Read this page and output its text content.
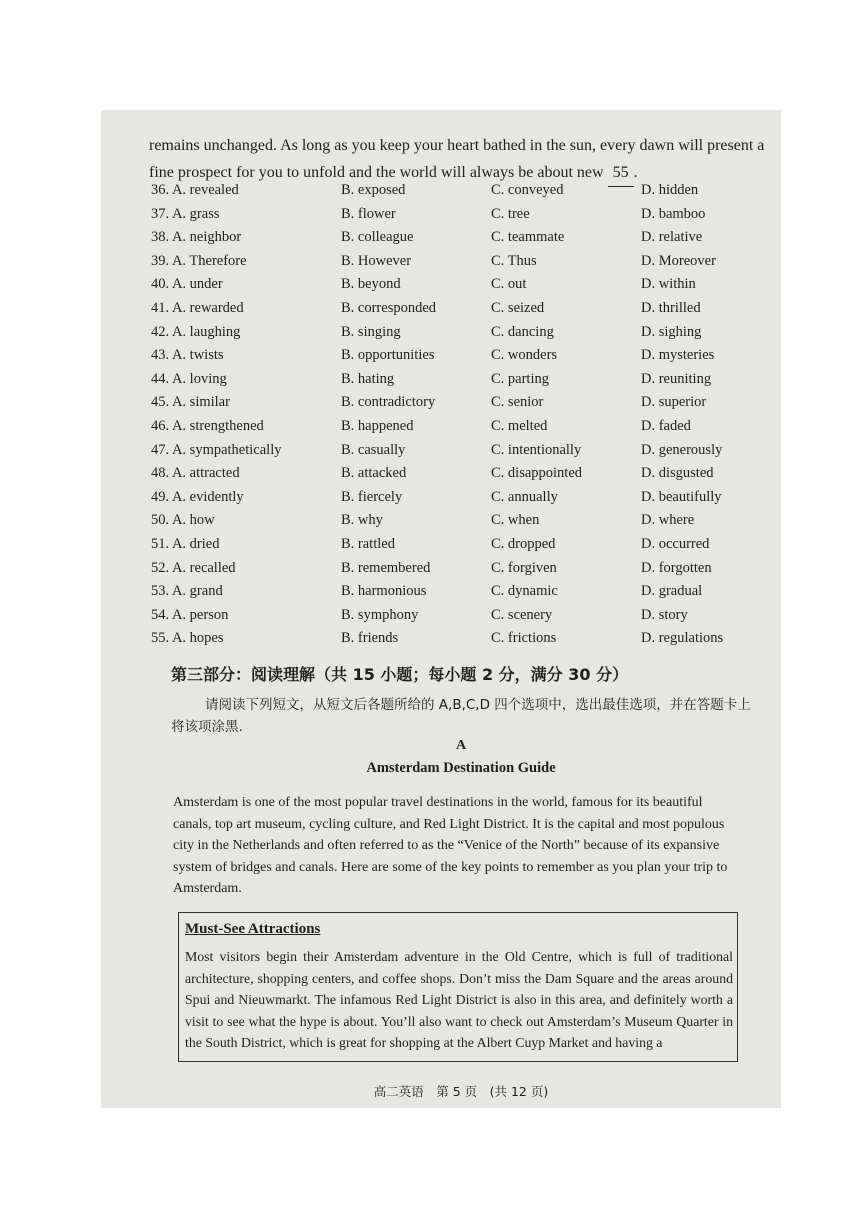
remains unchanged. As long as you keep your heart bathed in the sun, every dawn will present a fine prospect for you to unfold and the world will always be about new 55 .

36. A. revealed	B. exposed	C. conveyed	D. hidden
37. A. grass	B. flower	C. tree	D. bamboo
38. A. neighbor	B. colleague	C. teammate	D. relative
39. A. Therefore	B. However	C. Thus	D. Moreover
40. A. under	B. beyond	C. out	D. within
41. A. rewarded	B. corresponded	C. seized	D. thrilled
42. A. laughing	B. singing	C. dancing	D. sighing
43. A. twists	B. opportunities	C. wonders	D. mysteries
44. A. loving	B. hating	C. parting	D. reuniting
45. A. similar	B. contradictory	C. senior	D. superior
46. A. strengthened	B. happened	C. melted	D. faded
47. A. sympathetically	B. casually	C. intentionally	D. generously
48. A. attracted	B. attacked	C. disappointed	D. disgusted
49. A. evidently	B. fiercely	C. annually	D. beautifully
50. A. how	B. why	C. when	D. where
51. A. dried	B. rattled	C. dropped	D. occurred
52. A. recalled	B. remembered	C. forgiven	D. forgotten
53. A. grand	B. harmonious	C. dynamic	D. gradual
54. A. person	B. symphony	C. scenery	D. story
55. A. hopes	B. friends	C. frictions	D. regulations

第三部分：阅读理解（共 15 小题；每小题 2 分，满分 30 分）

请阅读下列短文，从短文后各题所给的 A,B,C,D 四个选项中，选出最佳选项，并在答题卡上将该项涂黑.

A
Amsterdam Destination Guide

Amsterdam is one of the most popular travel destinations in the world, famous for its beautiful canals, top art museum, cycling culture, and Red Light District. It is the capital and most populous city in the Netherlands and often referred to as the “Venice of the North” because of its expansive system of bridges and canals. Here are some of the key points to remember as you plan your trip to Amsterdam.

Must-See Attractions

Most visitors begin their Amsterdam adventure in the Old Centre, which is full of traditional architecture, shopping centers, and coffee shops. Don’t miss the Dam Square and the areas around Spui and Nieuwmarkt. The infamous Red Light District is also in this area, and definitely worth a visit to see what the hype is about. You’ll also want to check out Amsterdam’s Museum Quarter in the South District, which is great for shopping at the Albert Cuyp Market and having a

高二英语　第 5 页　(共 12 页)
